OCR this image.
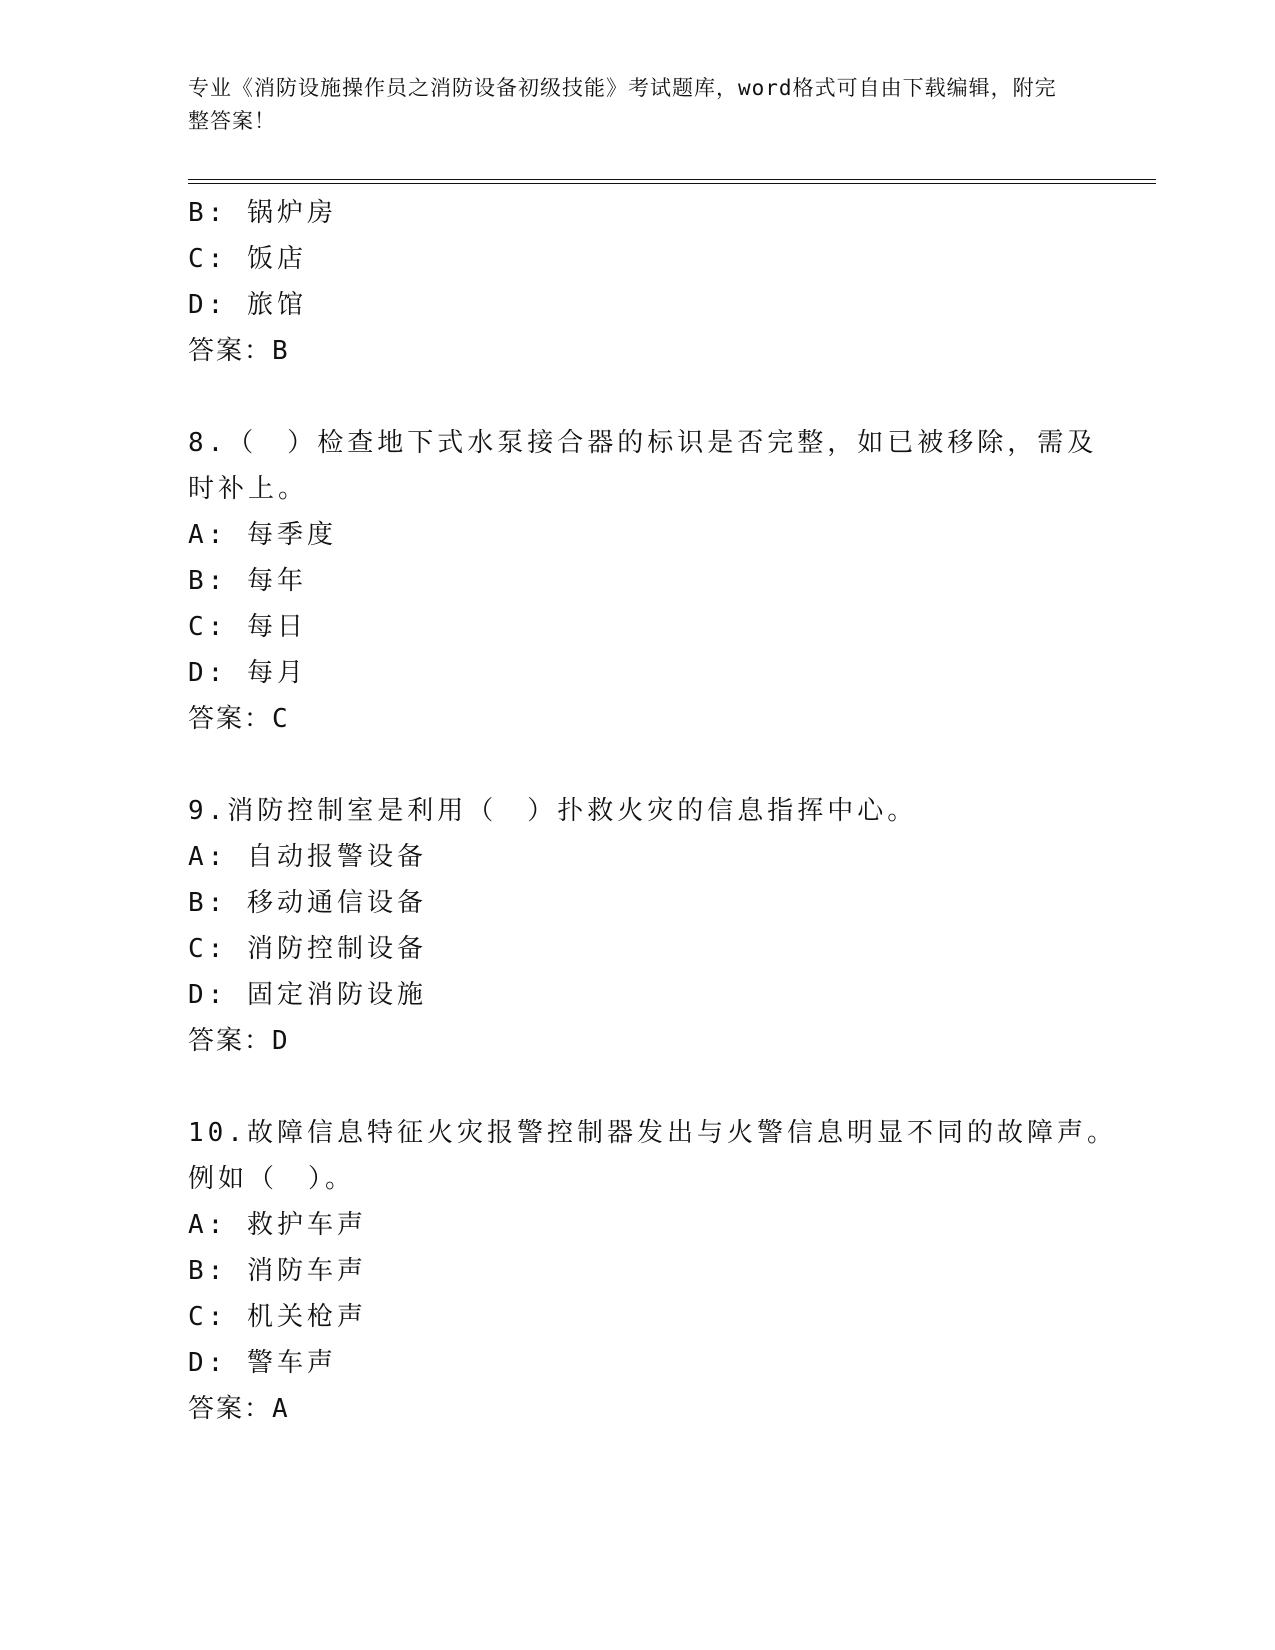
专业《消防设施操作员之消防设备初级技能》考试题库，word格式可自由下载编辑，附完整答案！
B: 锅炉房
C: 饭店
D: 旅馆
答案：B
8.（　）检查地下式水泵接合器的标识是否完整，如已被移除，需及
时补上。
A: 每季度
B: 每年
C: 每日
D: 每月
答案：C
9.消防控制室是利用（　）扑救火灾的信息指挥中心。
A: 自动报警设备
B: 移动通信设备
C: 消防控制设备
D: 固定消防设施
答案：D
10.故障信息特征火灾报警控制器发出与火警信息明显不同的故障声。
例如（　）。
A: 救护车声
B: 消防车声
C: 机关枪声
D: 警车声
答案：A
